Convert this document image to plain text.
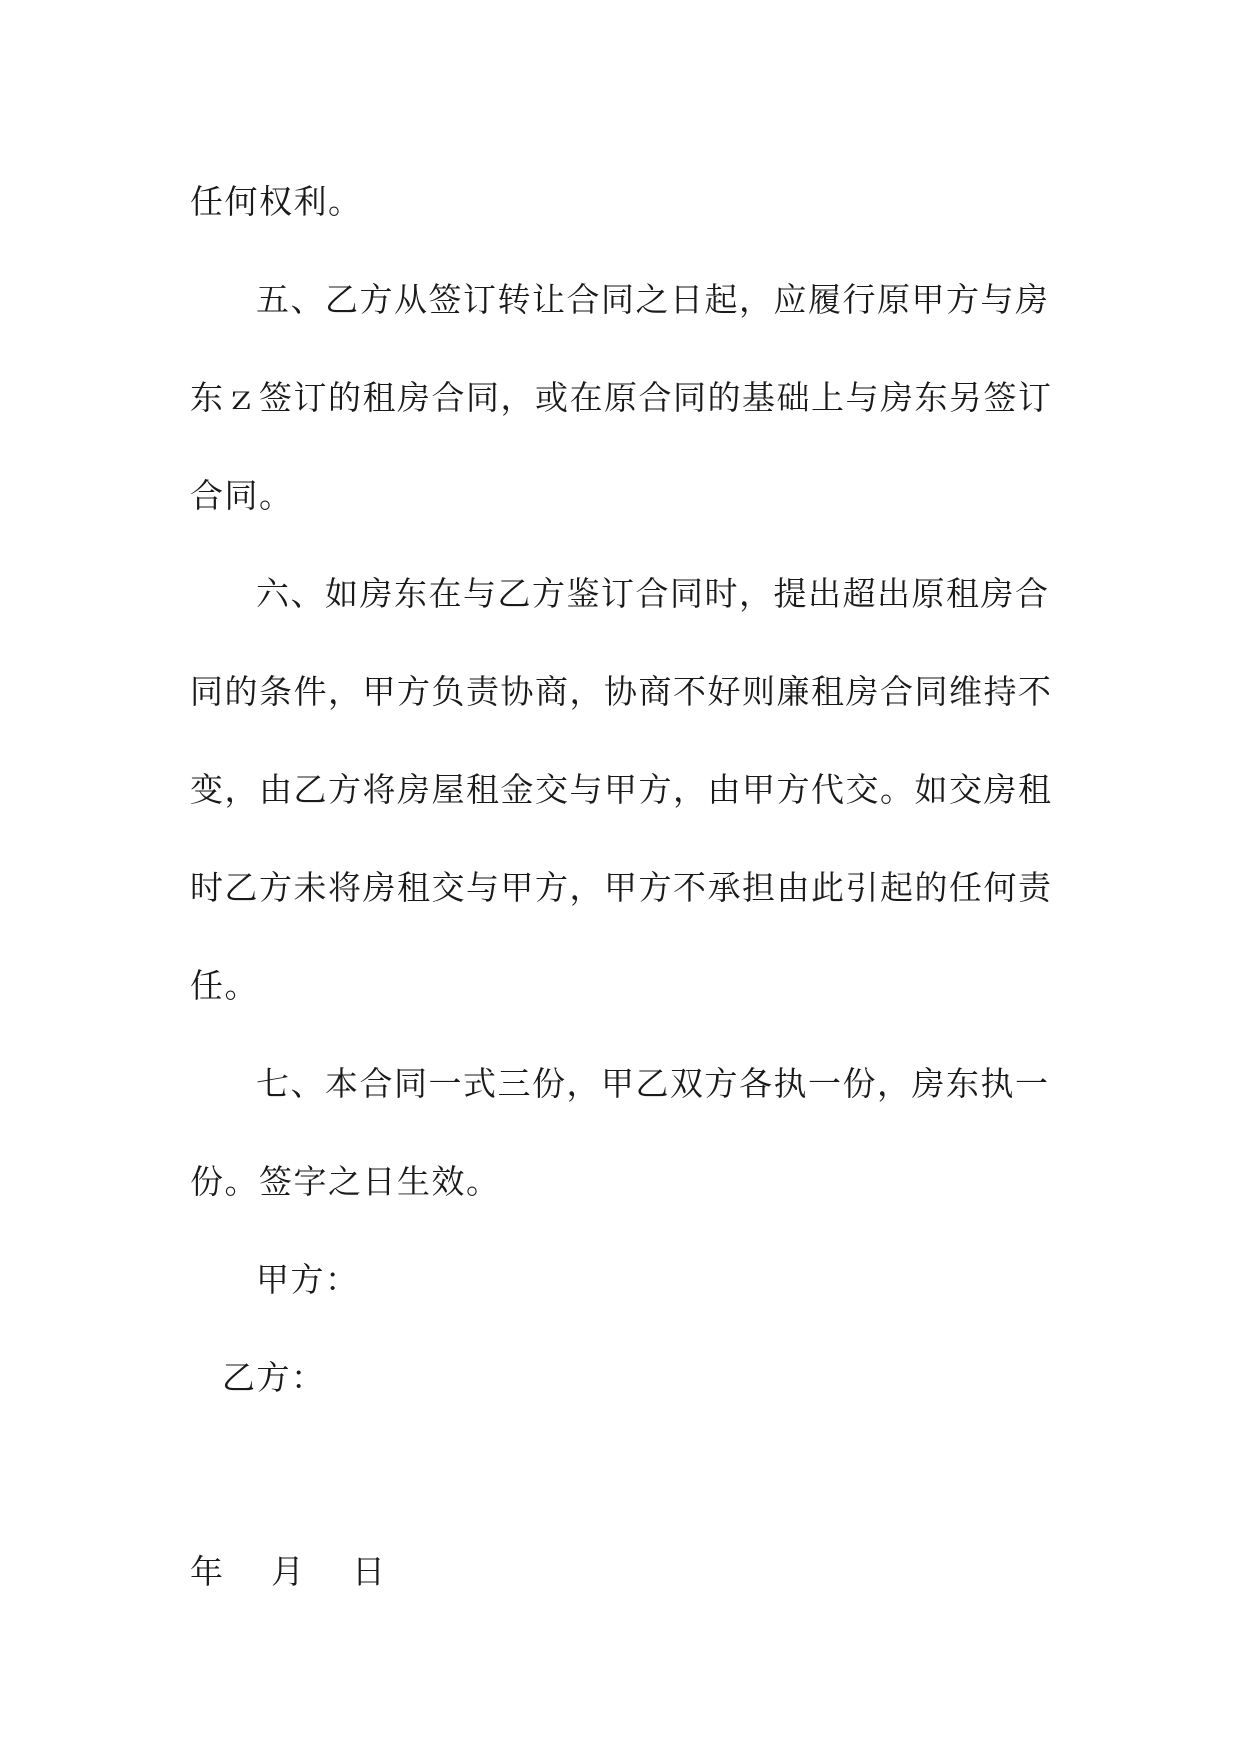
任何权利。

五、乙方从签订转让合同之日起，应履行原甲方与房

东ｚ签订的租房合同，或在原合同的基础上与房东另签订

合同。

六、如房东在与乙方鉴订合同时，提出超出原租房合

同的条件，甲方负责协商，协商不好则廉租房合同维持不

变，由乙方将房屋租金交与甲方，由甲方代交。如交房租

时乙方未将房租交与甲方，甲方不承担由此引起的任何责

任。

七、本合同一式三份，甲乙双方各执一份，房东执一

份。签字之日生效。

甲方：

乙方：

年　 月　 日
